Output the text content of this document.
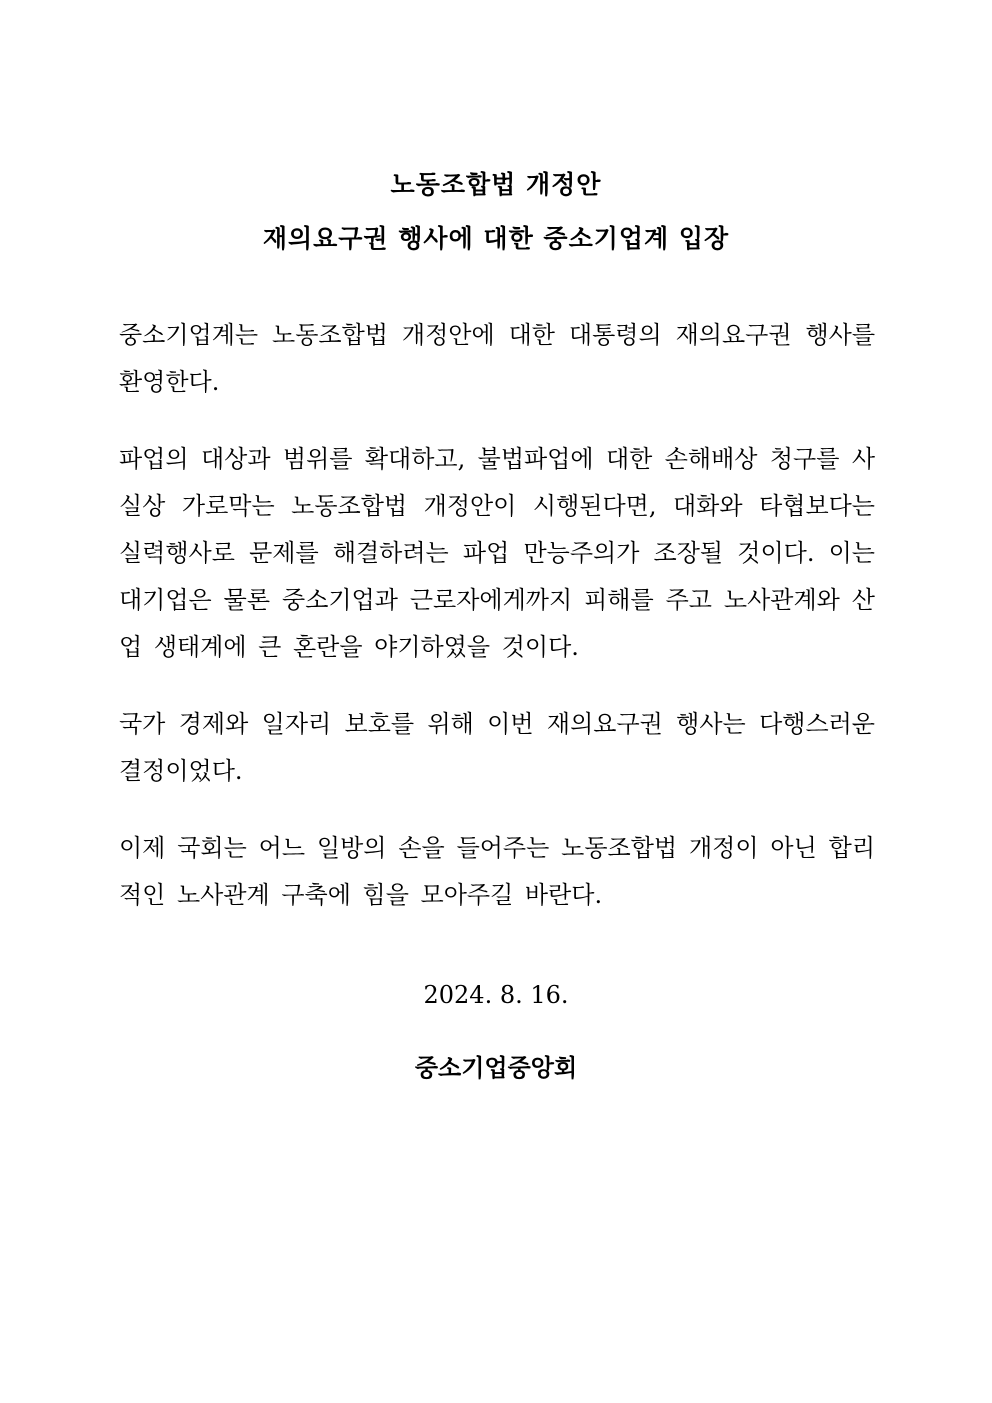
노동조합법 개정안
재의요구권 행사에 대한 중소기업계 입장

중소기업계는 노동조합법 개정안에 대한 대통령의 재의요구권 행사를 환영한다.

파업의 대상과 범위를 확대하고, 불법파업에 대한 손해배상 청구를 사실상 가로막는 노동조합법 개정안이 시행된다면, 대화와 타협보다는 실력행사로 문제를 해결하려는 파업 만능주의가 조장될 것이다. 이는 대기업은 물론 중소기업과 근로자에게까지 피해를 주고 노사관계와 산업 생태계에 큰 혼란을 야기하였을 것이다.

국가 경제와 일자리 보호를 위해 이번 재의요구권 행사는 다행스러운 결정이었다.

이제 국회는 어느 일방의 손을 들어주는 노동조합법 개정이 아닌 합리적인 노사관계 구축에 힘을 모아주길 바란다.

2024. 8. 16.
중소기업중앙회
